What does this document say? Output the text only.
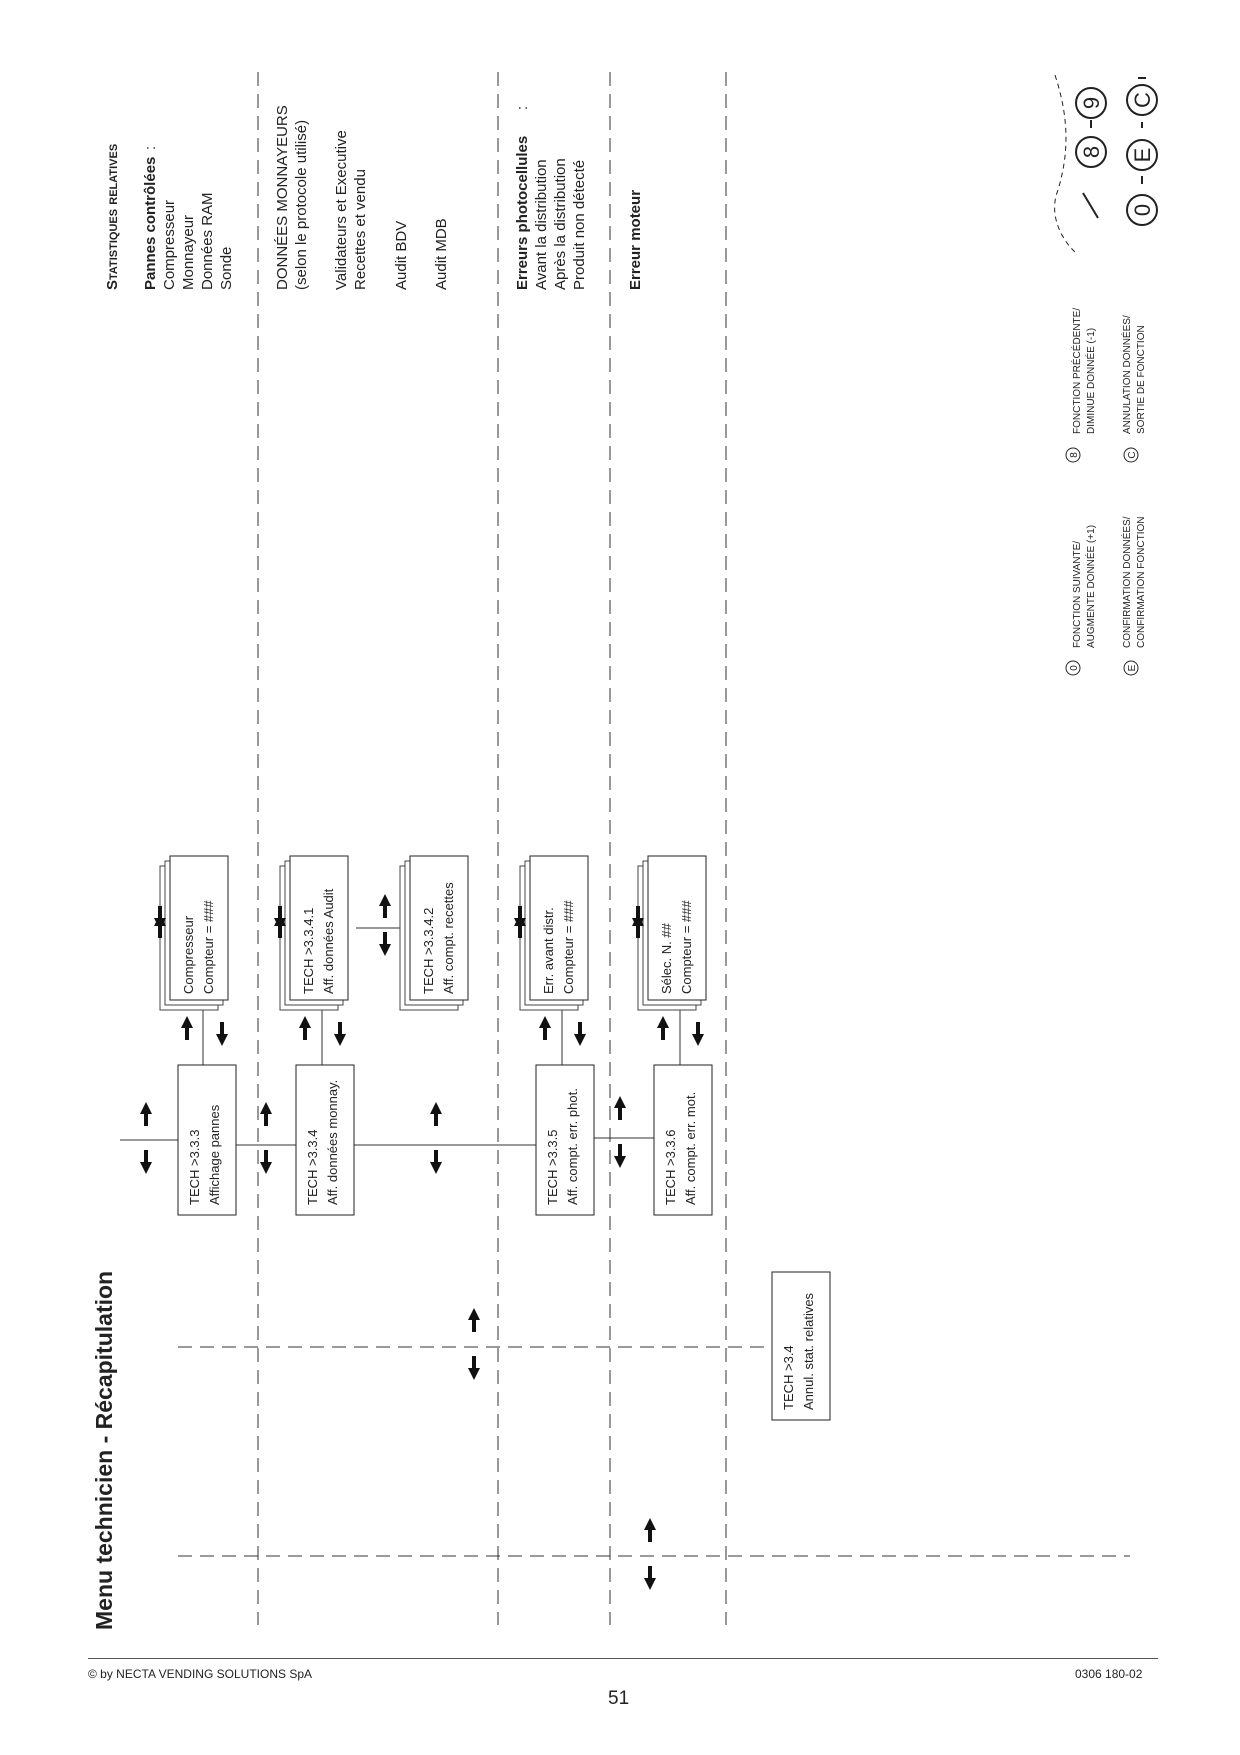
Menu technicien - Récapitulation
TECH >3.3.3 Affichage pannes
Compresseur Compteur = ###
TECH >3.3.4 Aff. données monnay.
TECH >3.3.4.1 Aff. données Audit	TECH >3.3.4.2 Aff. compt. recettes
TECH >3.3.5 Aff. compt. err. phot.
Err. avant distr. Compteur = ###
TECH >3.3.6 Aff. compt. err. mot.
Sélec. N. ## Compteur = ###
TECH >3.4 Annul. stat. relatives
Statistiques relatives Pannes contrôlées
:
Compresseur Monnayeur Données RAM Sonde	DONNÉES MONNAYEURS (selon le protocole utilisé) Validateurs et Executive Recettes et vendu Audit BDV Audit MDB	Erreurs photocellules
:
Avant la distribution Après la distribution Produit non détecté	Erreur moteur
0
FONCTION SUIVANTE/ AUGMENTE DONNÉE (+1)
8
FONCTION PRÉCÉDENTE/ DIMINUE DONNÉE (-1)
E
CONFIRMATION DONNÉES/ CONFIRMATION FONCTION
C
ANNULATION DONNÉES/ SORTIE DE FONCTION
8
9
0
E
C
© by NECTA VENDING SOLUTIONS SpA
51
0306 180-02
